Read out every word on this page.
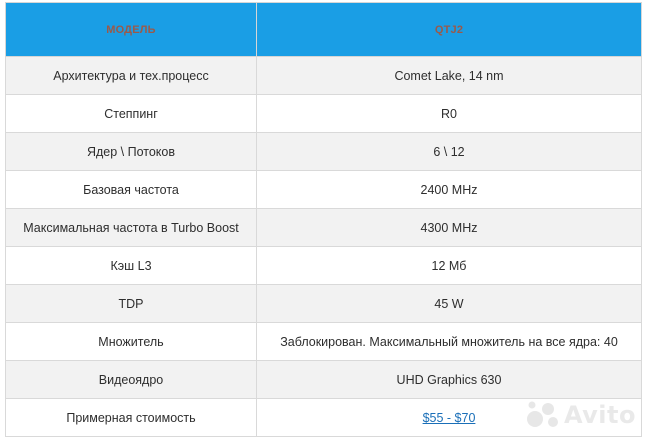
МОДЕЛЬ	QTJ2
Архитектура и тех.процесс	Comet Lake, 14 nm
Степпинг	R0
Ядер \ Потоков	6 \ 12
Базовая частота	2400 MHz
Максимальная частота в Turbo Boost	4300 MHz
Кэш L3	12 Мб
TDP	45 W
Множитель	Заблокирован. Максимальный множитель на все ядра: 40
Видеоядро	UHD Graphics 630
Примерная стоимость	$55 - $70	Avito
